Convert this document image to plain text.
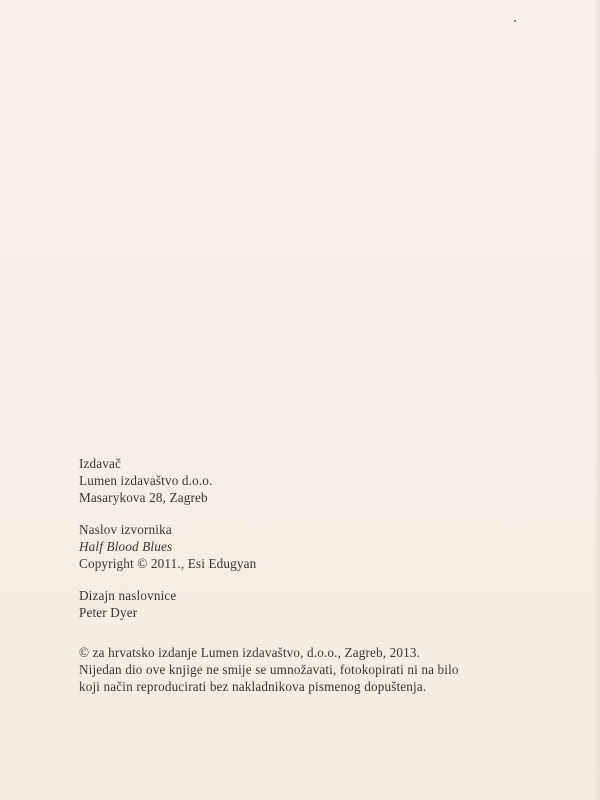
Izdavač
Lumen izdavaštvo d.o.o.
Masarykova 28, Zagreb
Naslov izvornika
Half Blood Blues
Copyright © 2011., Esi Edugyan
Dizajn naslovnice
Peter Dyer
© za hrvatsko izdanje Lumen izdavaštvo, d.o.o., Zagreb, 2013.
Nijedan dio ove knjige ne smije se umnožavati, fotokopirati ni na bilo
koji način reproducirati bez nakladnikova pismenog dopuštenja.
